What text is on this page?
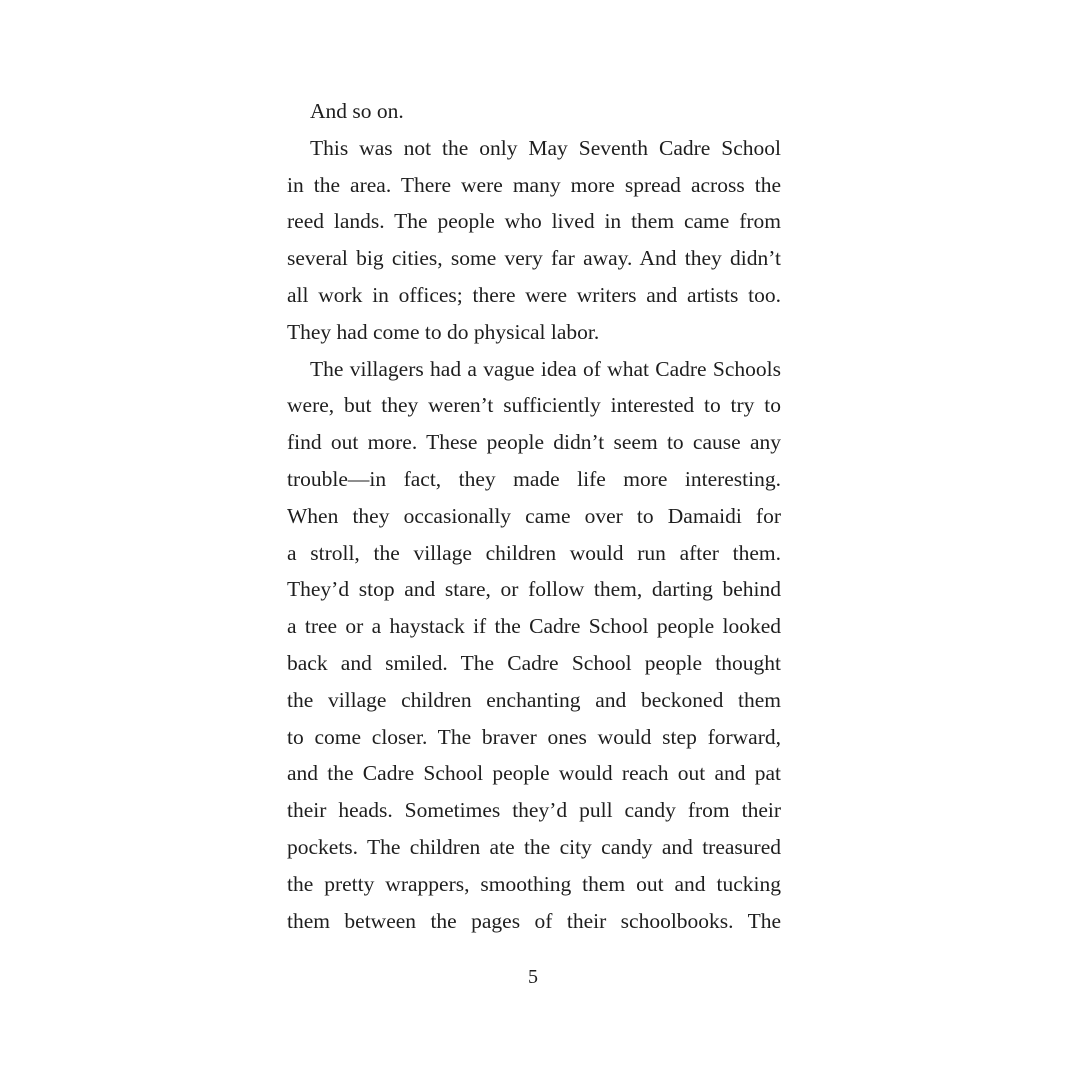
And so on.
This was not the only May Seventh Cadre School
in the area. There were many more spread across the
reed lands. The people who lived in them came from
several big cities, some very far away. And they didn’t
all work in offices; there were writers and artists too.
They had come to do physical labor.
The villagers had a vague idea of what Cadre Schools
were, but they weren’t sufficiently interested to try to
find out more. These people didn’t seem to cause any
trouble—in fact, they made life more interesting.
When they occasionally came over to Damaidi for
a stroll, the village children would run after them.
They’d stop and stare, or follow them, darting behind
a tree or a haystack if the Cadre School people looked
back and smiled. The Cadre School people thought
the village children enchanting and beckoned them
to come closer. The braver ones would step forward,
and the Cadre School people would reach out and pat
their heads. Sometimes they’d pull candy from their
pockets. The children ate the city candy and treasured
the pretty wrappers, smoothing them out and tucking
them between the pages of their schoolbooks. The
5
